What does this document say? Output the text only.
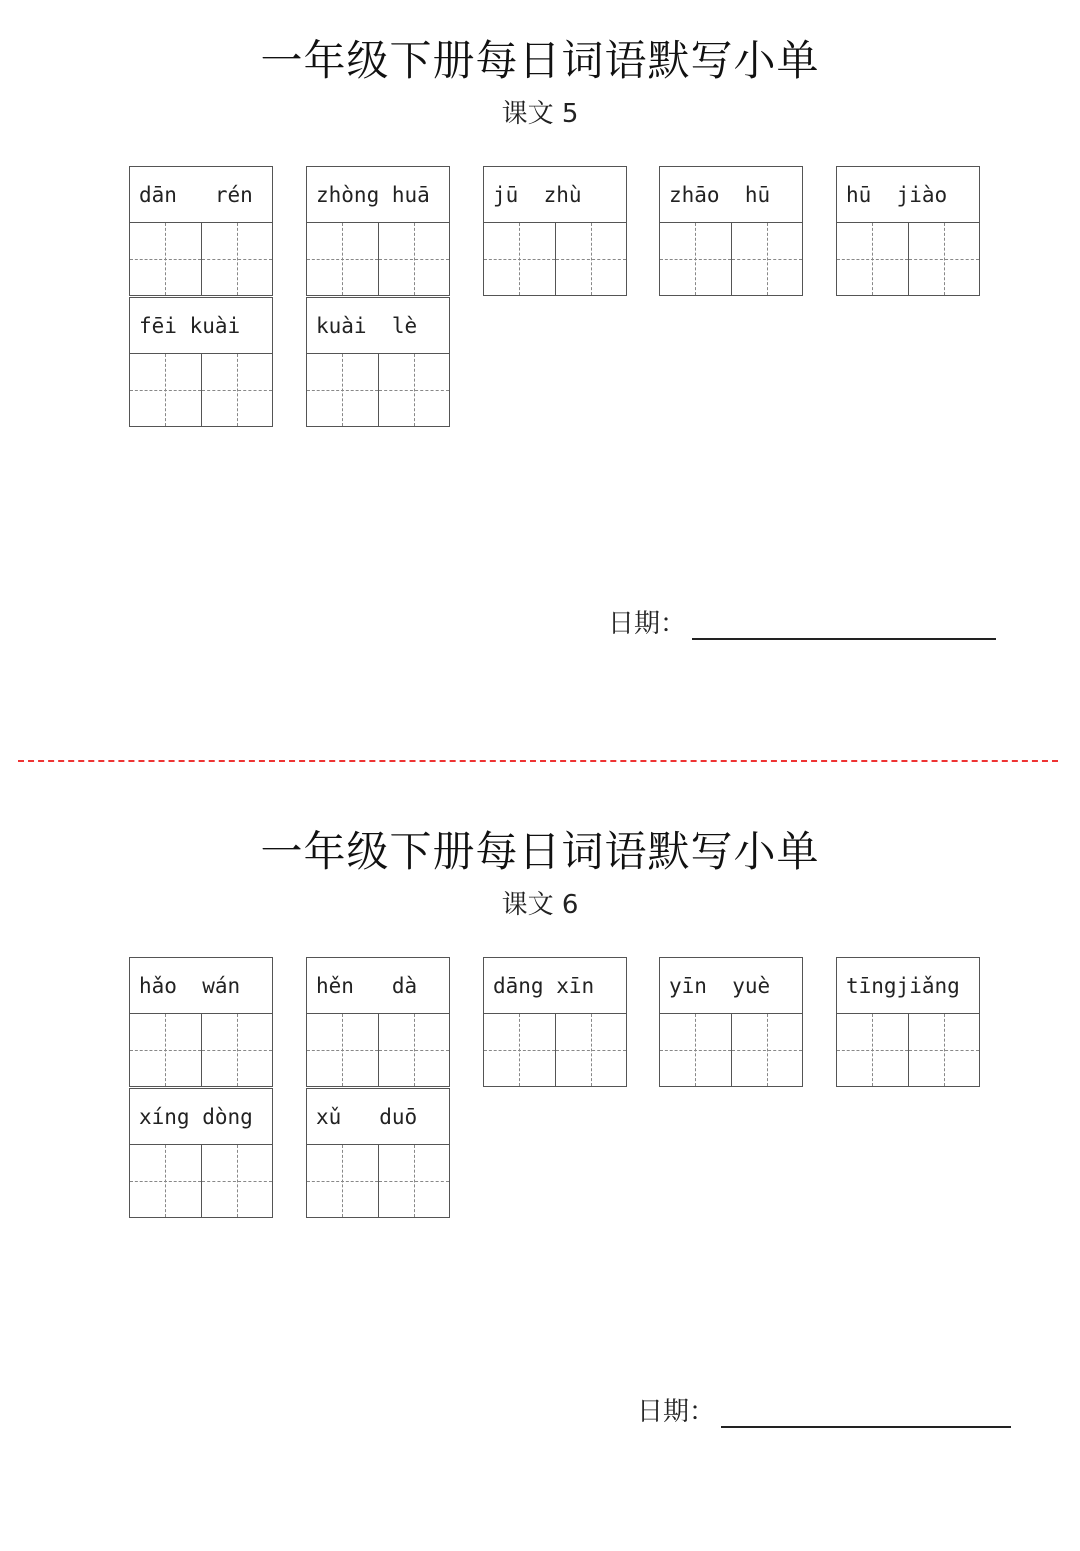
一年级下册每日词语默写小单
课文 5
dān   rén	zhòng huā	jū  zhù	zhāo  hū	hū  jiào
fēi kuài	kuài  lè
日期：
一年级下册每日词语默写小单
课文 6
hǎo  wán	hěn   dà	dāng xīn	yīn  yuè	tīngjiǎng
xíng dòng	xǔ   duō
日期：
